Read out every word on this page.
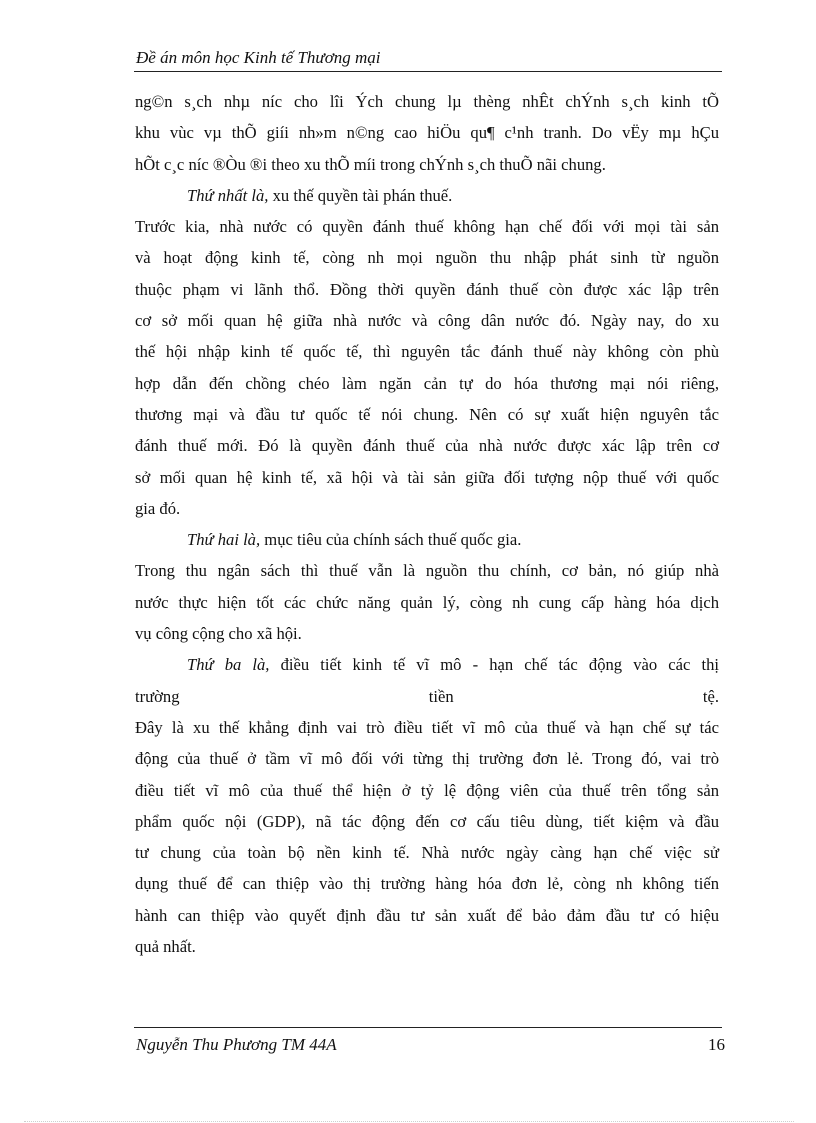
Đề án môn học Kinh tế Thương mại
ng©n s¸ch nhµ níc cho lîi Ých chung lµ thèng nhÊt chÝnh s¸ch kinh tÕ
khu vùc vµ thÕ giíi nh»m n©ng cao hiÖu qu¶ c¹nh tranh. Do vËy mµ hÇu
hÕt c¸c níc ®Òu ®i theo xu thÕ míi trong chÝnh s¸ch thuÕ nãi chung.
Thứ nhất là, xu thế quyền tài phán thuế.
Trước kia, nhà nước có quyền đánh thuế không hạn chế đối với mọi tài sản
và hoạt động kinh tế, còng nh mọi nguồn thu nhập phát sinh từ nguồn
thuộc phạm vi lãnh thổ. Đồng thời quyền đánh thuế còn được xác lập trên
cơ sở mối quan hệ giữa nhà nước và công dân nước đó. Ngày nay, do xu
thế hội nhập kinh tế quốc tế, thì nguyên tắc đánh thuế này không còn phù
hợp dẫn đến chồng chéo làm ngăn cản tự do hóa thương mại nói riêng,
thương mại và đầu tư quốc tế nói chung. Nên có sự xuất hiện nguyên tắc
đánh thuế mới. Đó là quyền đánh thuế của nhà nước được xác lập trên cơ
sở mối quan hệ kinh tế, xã hội và tài sản giữa đối tượng nộp thuế với quốc
gia đó.
Thứ hai là, mục tiêu của chính sách thuế quốc gia.
Trong thu ngân sách thì thuế vẫn là nguồn thu chính, cơ bản, nó giúp nhà
nước thực hiện tốt các chức năng quản lý, còng nh cung cấp hàng hóa dịch
vụ công cộng cho xã hội.
Thứ ba là, điều tiết kinh tế vĩ mô - hạn chế tác động vào các thị
trường	tiền	tệ.
Đây là xu thế khẳng định vai trò điều tiết vĩ mô của thuế và hạn chế sự tác
động của thuế ở tầm vĩ mô đối với từng thị trường đơn lẻ. Trong đó, vai trò
điều tiết vĩ mô của thuế thể hiện ở tỷ lệ động viên của thuế trên tổng sản
phẩm quốc nội (GDP), nã tác động đến cơ cấu tiêu dùng, tiết kiệm và đầu
tư chung của toàn bộ nền kinh tế. Nhà nước ngày càng hạn chế việc sử
dụng thuế để can thiệp vào thị trường hàng hóa đơn lẻ, còng nh không tiến
hành can thiệp vào quyết định đầu tư sản xuất để bảo đảm đầu tư có hiệu
quả nhất.
Nguyễn Thu Phương TM 44A	16
